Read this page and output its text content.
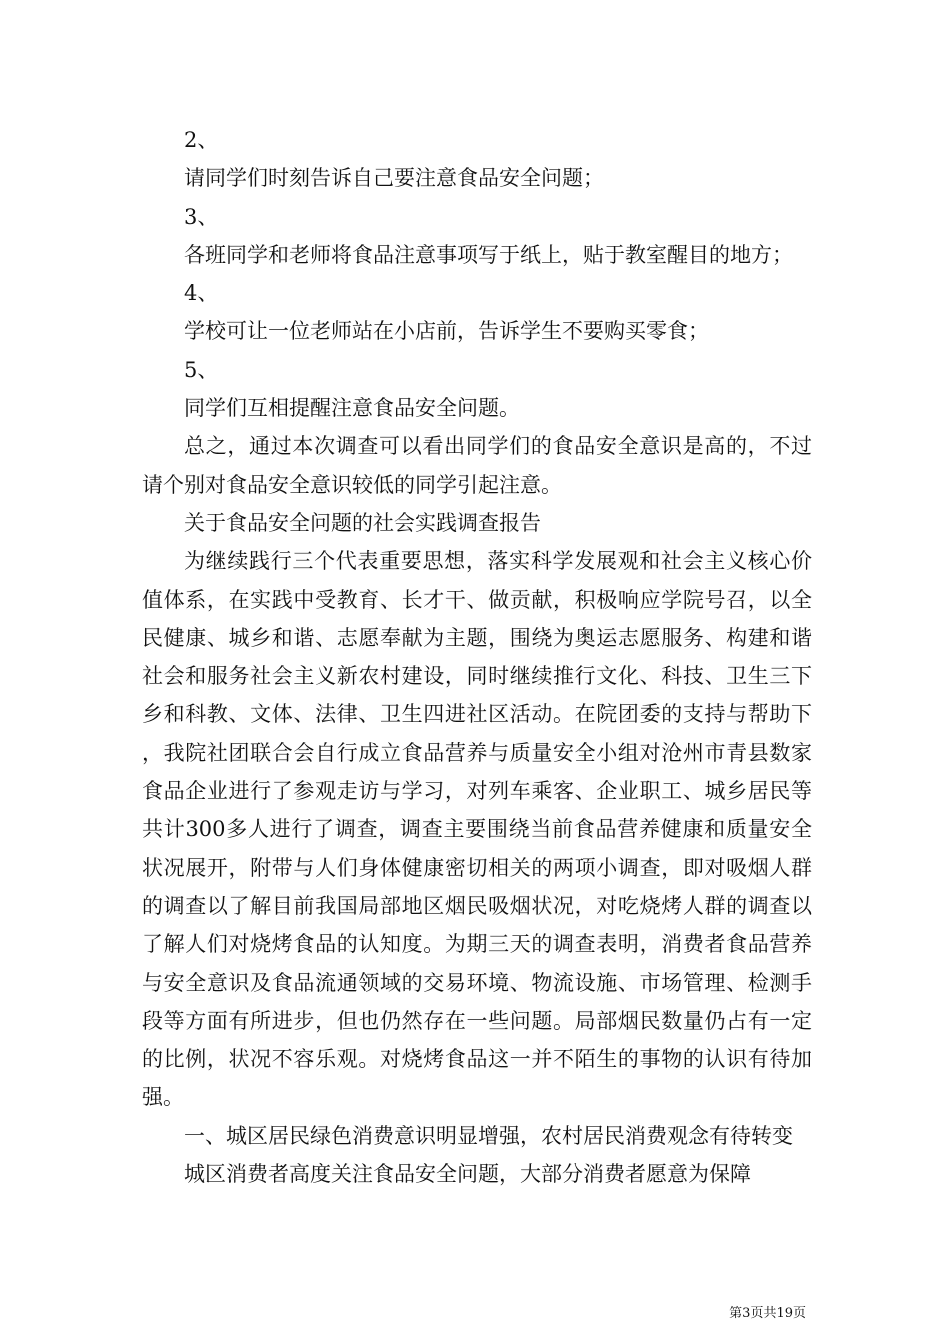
2、

请同学们时刻告诉自己要注意食品安全问题；

3、

各班同学和老师将食品注意事项写于纸上，贴于教室醒目的地方；

4、

学校可让一位老师站在小店前，告诉学生不要购买零食；

5、

同学们互相提醒注意食品安全问题。

总之，通过本次调查可以看出同学们的食品安全意识是高的，不过请个别对食品安全意识较低的同学引起注意。

关于食品安全问题的社会实践调查报告

为继续践行三个代表重要思想，落实科学发展观和社会主义核心价值体系，在实践中受教育、长才干、做贡献，积极响应学院号召，以全民健康、城乡和谐、志愿奉献为主题，围绕为奥运志愿服务、构建和谐社会和服务社会主义新农村建设，同时继续推行文化、科技、卫生三下乡和科教、文体、法律、卫生四进社区活动。在院团委的支持与帮助下，我院社团联合会自行成立食品营养与质量安全小组对沧州市青县数家食品企业进行了参观走访与学习，对列车乘客、企业职工、城乡居民等共计300多人进行了调查，调查主要围绕当前食品营养健康和质量安全状况展开，附带与人们身体健康密切相关的两项小调查，即对吸烟人群的调查以了解目前我国局部地区烟民吸烟状况，对吃烧烤人群的调查以了解人们对烧烤食品的认知度。为期三天的调查表明，消费者食品营养与安全意识及食品流通领域的交易环境、物流设施、市场管理、检测手段等方面有所进步，但也仍然存在一些问题。局部烟民数量仍占有一定的比例，状况不容乐观。对烧烤食品这一并不陌生的事物的认识有待加强。

一、城区居民绿色消费意识明显增强，农村居民消费观念有待转变

城区消费者高度关注食品安全问题，大部分消费者愿意为保障

第3页共19页
